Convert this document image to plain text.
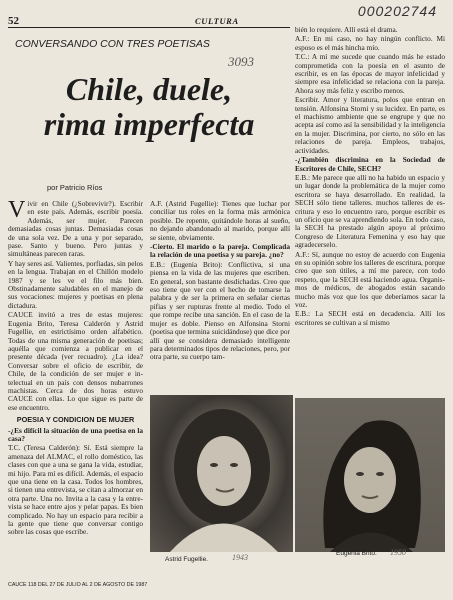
000202744
52	CULTURA
CONVERSANDO CON TRES POETISAS
3093
Chile, duele,
rima imperfecta
por Patricio Ríos

Vivir en Chile (¿Sobrevivir?). Escribir en este país. Además, escribir poesía. Además, ser mujer. Parecen demasiadas cosas juntas. Demasiadas cosas de una sola vez. De a una y por separado, pase. Santo y bueno. Pero juntas y simultáneas parecen raras.

Y hay seres así. Valientes, porfiadas, sin pelos en la lengua. Trabajan en el Chillón modelo 1987 y se les ve el filo más bien. Obstinadamente saludables en el manejo de sus vocaciones: mujeres y poetisas en plena dictadura.

CAUCE invitó a tres de estas mujeres: Eugenia Brito, Teresa Calderón y Astrid Fugellie, en estrictísimo orden alfabético. Todas de una misma generación de poetisas; aquélla que comienza a publicar en el presente década (ver recuadro). ¿La idea? Conversar sobre el oficio de escribir, de Chile, de la condición de ser mujer e intelectual en un país con densos nubarrones machistas. Cerca de dos horas estuvo CAUCE con ellas. Lo que sigue es parte de ese encuentro.

POESIA Y CONDICION DE MUJER

-¿Es difícil la situación de una poetisa en la casa?

T.C. (Teresa Calderón): Sí. Está siempre la amenaza del ALMAC, el rollo doméstico, las clases con que a una se gana la vida, estudiar, mi hijo. Para mí es difícil. Además, el espacio que una tiene en la casa. Todos los hombres, si tienen una entrevista, se citan a almorzar en otra parte. Una no. Invita a la casa y la entrevista se hace entre ajos y pelar papas. Es bien complicado. No hay un espacio para recibir a la gente que tiene que conversar contigo sobre las cosas que escribe.

A.F. (Astrid Fugellie): Tienes que luchar por conciliar tus roles en la forma más armónica posible. De repente, quitándole horas al sueño, no dejando abandonado al marido, porque allí se siente, obviamente.

-Cierto. El marido o la pareja. Complicada la relación de una poetisa y su pareja. ¿no?

E.B.: (Eugenia Brito): Conflictiva, si una piensa en la vida de las mujeres que escriben. En general, son bastante desdichadas. Creo que eso tiene que ver con el hecho de tomarse la palabra y de ser la primera en señalar ciertas pifias y ser rupturas frente al medio. Todo el que rompe recibe una sanción. En el caso de la mujer es doble. Pienso en Alfonsina Storni (poetisa que termina suicidándose) que dice por allí que se considera demasiado intelligente para determinados tipos de relaciones, pero, por otra parte, su cuerpo tam-

bién lo requiere. Allí está el drama.

A.F.: En mi caso, no hay ningún conflicto. Mi esposo es el más hincha mío.

T.C.: A mí me sucede que cuando más he estado comprometida con la poesía en el asunto de escribir, es en las épocas de mayor infelicidad y siempre esa infelicidad se relaciona con la pareja. Ahora soy más feliz y escribo menos.

Escribir. Amor y literatura, polos que entran en tensión. Alfonsina Storni y su lucidez. En parte, es el machismo ambiente que se engrupe y que no acepta así como así la sensibilidad y la inteligencia en la mujer. Discrimina, por cierto, no sólo en las relaciones de pareja. Empleos, trabajos, actividades.

-¿También discrimina en la Sociedad de Escritores de Chile, SECH?

E.B.: Me parece que allí no ha habido un espacio y un lugar donde la problemática de la mujer como escritora se haya desarrollado. En realidad, la SECH sólo tiene talleres. muchos talleres de escritura y eso lo encuentro raro, porque escribir es un oficio que se va aprendiendo sola. En todo caso, la SECH ha prestado algún apoyo al próximo Congreso de Literatura Femenina y eso hay que agradecerselo.

A.F.: Sí, aunque no estoy de acuerdo con Eugenia en su opinión sobre los talleres de escritura, porque creo que son útiles, a mí me parece, con todo respeto, que la SECH está haciendo agua. Organismos de médicos, de abogados están sacando mucho más voz que los que deberíamos sacar la voz.

E.B.: La SECH está en decadencia. Allí los escritores se cultivan a sí mismo

Astrid Fugellie.	1943	Eugenia Brito. 1950
CAUCE 118 DEL 27 DE JULIO AL 2 DE AGOSTO DE 1987
